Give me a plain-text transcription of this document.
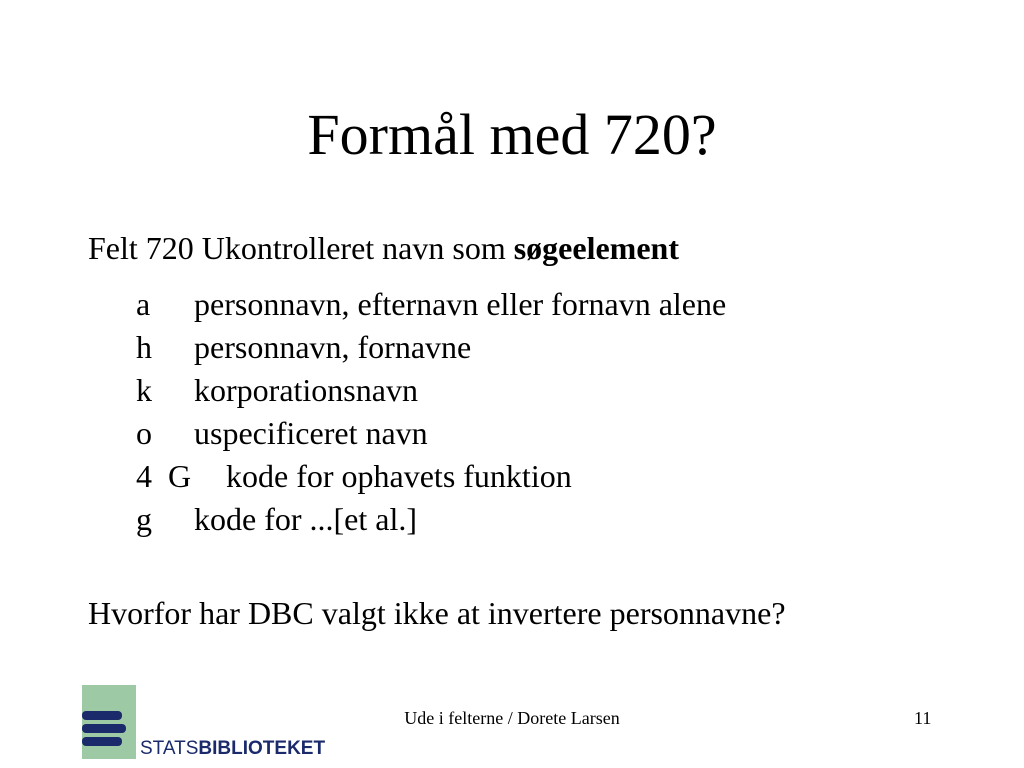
Formål med 720?
Felt 720 Ukontrolleret navn som søgeelement
a personnavn, efternavn eller fornavn alene
h personnavn, fornavne
k korporationsnavn
o uspecificeret navn
4  G kode for ophavets funktion
g kode for ...[et al.]

Hvorfor har DBC valgt ikke at invertere personnavne?

STATSBIBLIOTEKET
Ude i felterne / Dorete Larsen	11
